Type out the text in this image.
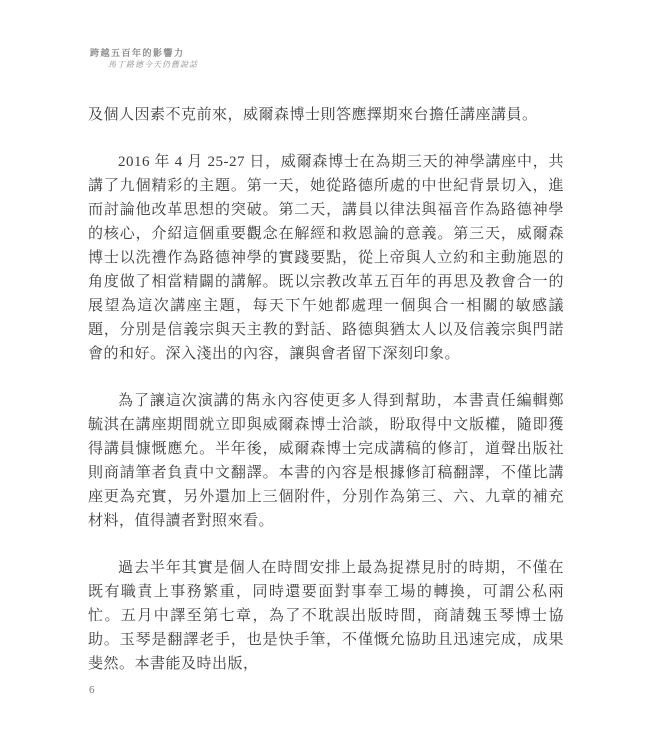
跨越五百年的影響力
馬丁路德今天仍舊說話

及個人因素不克前來，威爾森博士則答應擇期來台擔任講座講員。

2016 年 4 月 25-27 日，威爾森博士在為期三天的神學講座中，共講了九個精彩的主題。第一天，她從路德所處的中世紀背景切入，進而討論他改革思想的突破。第二天，講員以律法與福音作為路德神學的核心，介紹這個重要觀念在解經和救恩論的意義。第三天，威爾森博士以洗禮作為路德神學的實踐要點，從上帝與人立約和主動施恩的角度做了相當精闢的講解。既以宗教改革五百年的再思及教會合一的展望為這次講座主題，每天下午她都處理一個與合一相關的敏感議題，分別是信義宗與天主教的對話、路德與猶太人以及信義宗與門諾會的和好。深入淺出的內容，讓與會者留下深刻印象。

為了讓這次演講的雋永內容使更多人得到幫助，本書責任編輯鄭毓淇在講座期間就立即與威爾森博士洽談，盼取得中文版權，隨即獲得講員慷慨應允。半年後，威爾森博士完成講稿的修訂，道聲出版社則商請筆者負責中文翻譯。本書的內容是根據修訂稿翻譯，不僅比講座更為充實，另外還加上三個附件，分別作為第三、六、九章的補充材料，值得讀者對照來看。

過去半年其實是個人在時間安排上最為捉襟見肘的時期，不僅在既有職責上事務繁重，同時還要面對事奉工場的轉換，可謂公私兩忙。五月中譯至第七章，為了不耽誤出版時間，商請魏玉琴博士協助。玉琴是翻譯老手，也是快手筆，不僅慨允協助且迅速完成，成果斐然。本書能及時出版，

6
